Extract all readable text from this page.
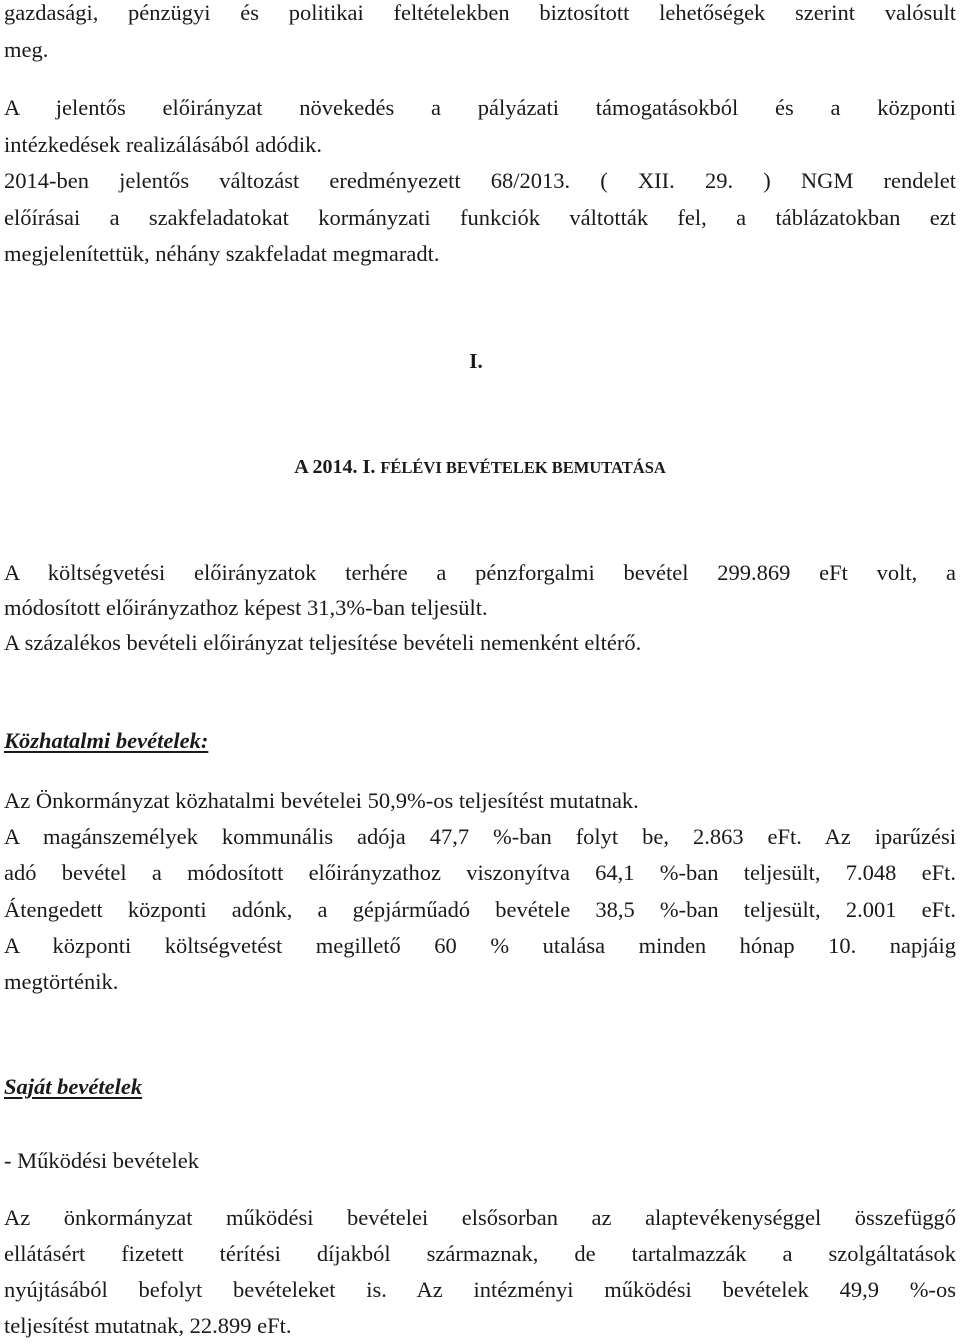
gazdasági, pénzügyi és politikai feltételekben biztosított lehetőségek szerint valósult

meg.

A jelentős előirányzat növekedés a pályázati támogatásokból és a központi

intézkedések realizálásából adódik.

2014-ben jelentős változást eredményezett 68/2013. ( XII. 29. ) NGM rendelet

előírásai a szakfeladatokat kormányzati funkciók váltották fel, a táblázatokban ezt

megjelenítettük, néhány szakfeladat megmaradt.

I.
A 2014. I. FÉLÉVI BEVÉTELEK BEMUTATÁSA

A költségvetési előirányzatok terhére a pénzforgalmi bevétel 299.869 eFt volt, a

módosított előirányzathoz képest 31,3%-ban teljesült.

A százalékos bevételi előirányzat teljesítése bevételi nemenként eltérő.

Közhatalmi bevételek:

Az Önkormányzat közhatalmi bevételei 50,9%-os teljesítést mutatnak.

A magánszemélyek kommunális adója 47,7 %-ban folyt be, 2.863 eFt. Az iparűzési

adó bevétel a módosított előirányzathoz viszonyítva 64,1 %-ban teljesült, 7.048 eFt.

Átengedett központi adónk, a gépjárműadó bevétele 38,5 %-ban teljesült, 2.001 eFt.

A központi költségvetést megillető 60 % utalása minden hónap 10. napjáig

megtörténik.

Saját bevételek

- Működési bevételek

Az önkormányzat működési bevételei elsősorban az alaptevékenységgel összefüggő

ellátásért fizetett térítési díjakból származnak, de tartalmazzák a szolgáltatások

nyújtásából befolyt bevételeket is. Az intézményi működési bevételek 49,9 %-os

teljesítést mutatnak, 22.899 eFt.
